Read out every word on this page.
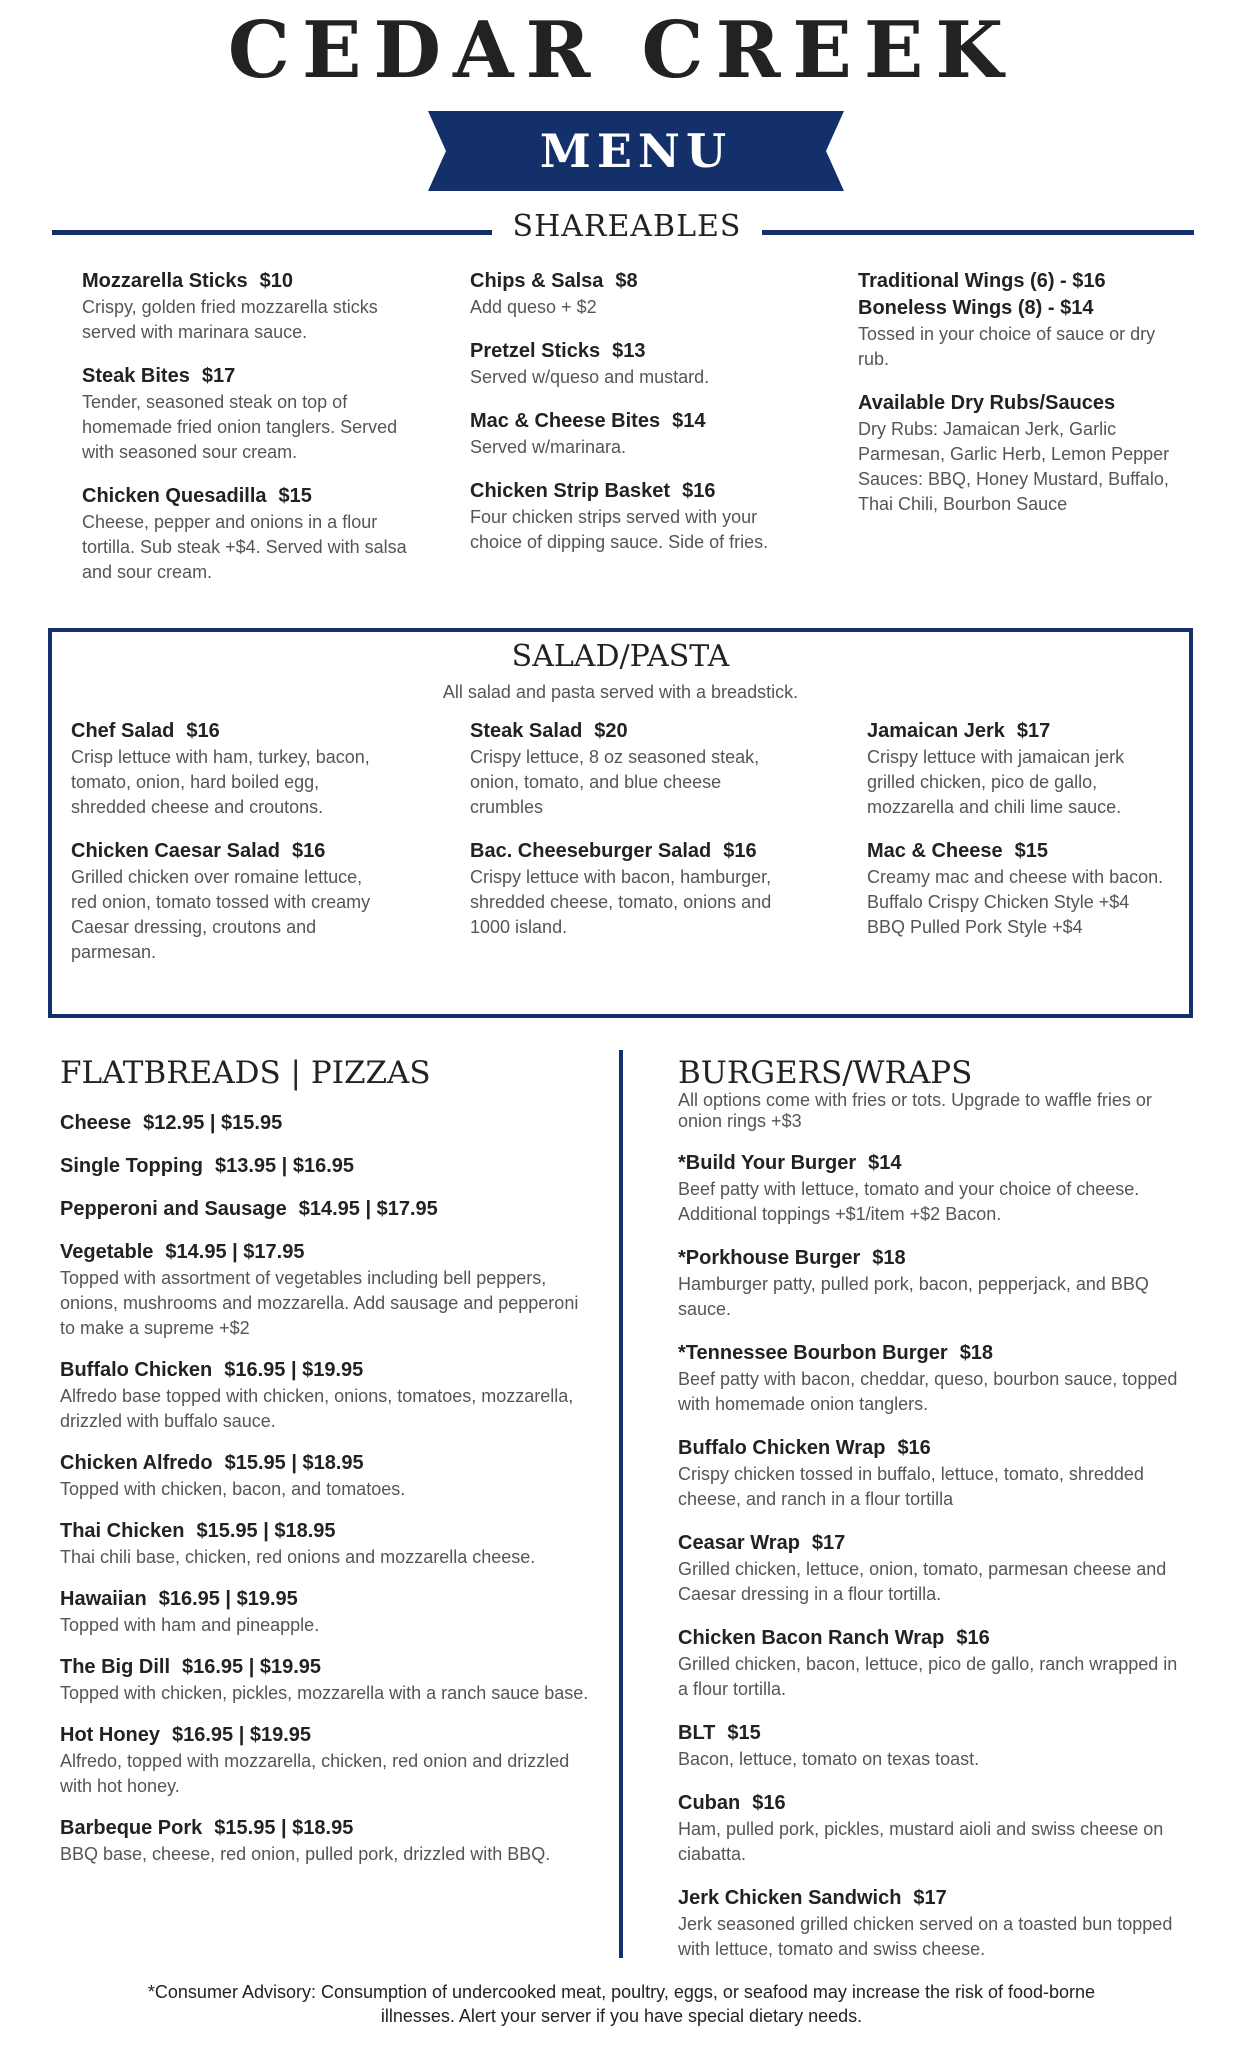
CEDAR CREEK
MENU
SHAREABLES
Mozzarella Sticks $10
Crispy, golden fried mozzarella sticks served with marinara sauce.
Steak Bites $17
Tender, seasoned steak on top of homemade fried onion tanglers. Served with seasoned sour cream.
Chicken Quesadilla $15
Cheese, pepper and onions in a flour tortilla. Sub steak +$4. Served with salsa and sour cream.
Chips & Salsa $8
Add queso + $2
Pretzel Sticks $13
Served w/queso and mustard.
Mac & Cheese Bites $14
Served w/marinara.
Chicken Strip Basket $16
Four chicken strips served with your choice of dipping sauce. Side of fries.
Traditional Wings (6) - $16
Boneless Wings (8) - $14
Tossed in your choice of sauce or dry rub.
Available Dry Rubs/Sauces
Dry Rubs: Jamaican Jerk, Garlic Parmesan, Garlic Herb, Lemon Pepper
Sauces: BBQ, Honey Mustard, Buffalo, Thai Chili, Bourbon Sauce
SALAD/PASTA
All salad and pasta served with a breadstick.
Chef Salad $16
Crisp lettuce with ham, turkey, bacon, tomato, onion, hard boiled egg, shredded cheese and croutons.
Chicken Caesar Salad $16
Grilled chicken over romaine lettuce, red onion, tomato tossed with creamy Caesar dressing, croutons and parmesan.
Steak Salad $20
Crispy lettuce, 8 oz seasoned steak, onion, tomato, and blue cheese crumbles
Bac. Cheeseburger Salad $16
Crispy lettuce with bacon, hamburger, shredded cheese, tomato, onions and 1000 island.
Jamaican Jerk $17
Crispy lettuce with jamaican jerk grilled chicken, pico de gallo, mozzarella and chili lime sauce.
Mac & Cheese $15
Creamy mac and cheese with bacon.
Buffalo Crispy Chicken Style +$4
BBQ Pulled Pork Style +$4
FLATBREADS | PIZZAS
Cheese $12.95 | $15.95
Single Topping $13.95 | $16.95
Pepperoni and Sausage $14.95 | $17.95
Vegetable $14.95 | $17.95
Topped with assortment of vegetables including bell peppers, onions, mushrooms and mozzarella. Add sausage and pepperoni to make a supreme +$2
Buffalo Chicken $16.95 | $19.95
Alfredo base topped with chicken, onions, tomatoes, mozzarella, drizzled with buffalo sauce.
Chicken Alfredo $15.95 | $18.95
Topped with chicken, bacon, and tomatoes.
Thai Chicken $15.95 | $18.95
Thai chili base, chicken, red onions and mozzarella cheese.
Hawaiian $16.95 | $19.95
Topped with ham and pineapple.
The Big Dill $16.95 | $19.95
Topped with chicken, pickles, mozzarella with a ranch sauce base.
Hot Honey $16.95 | $19.95
Alfredo, topped with mozzarella, chicken, red onion and drizzled with hot honey.
Barbeque Pork $15.95 | $18.95
BBQ base, cheese, red onion, pulled pork, drizzled with BBQ.
BURGERS/WRAPS
All options come with fries or tots. Upgrade to waffle fries or onion rings +$3
*Build Your Burger $14
Beef patty with lettuce, tomato and your choice of cheese. Additional toppings +$1/item +$2 Bacon.
*Porkhouse Burger $18
Hamburger patty, pulled pork, bacon, pepperjack, and BBQ sauce.
*Tennessee Bourbon Burger $18
Beef patty with bacon, cheddar, queso, bourbon sauce, topped with homemade onion tanglers.
Buffalo Chicken Wrap $16
Crispy chicken tossed in buffalo, lettuce, tomato, shredded cheese, and ranch in a flour tortilla
Ceasar Wrap $17
Grilled chicken, lettuce, onion, tomato, parmesan cheese and Caesar dressing in a flour tortilla.
Chicken Bacon Ranch Wrap $16
Grilled chicken, bacon, lettuce, pico de gallo, ranch wrapped in a flour tortilla.
BLT $15
Bacon, lettuce, tomato on texas toast.
Cuban $16
Ham, pulled pork, pickles, mustard aioli and swiss cheese on ciabatta.
Jerk Chicken Sandwich $17
Jerk seasoned grilled chicken served on a toasted bun topped with lettuce, tomato and swiss cheese.
*Consumer Advisory: Consumption of undercooked meat, poultry, eggs, or seafood may increase the risk of food-borne illnesses. Alert your server if you have special dietary needs.
